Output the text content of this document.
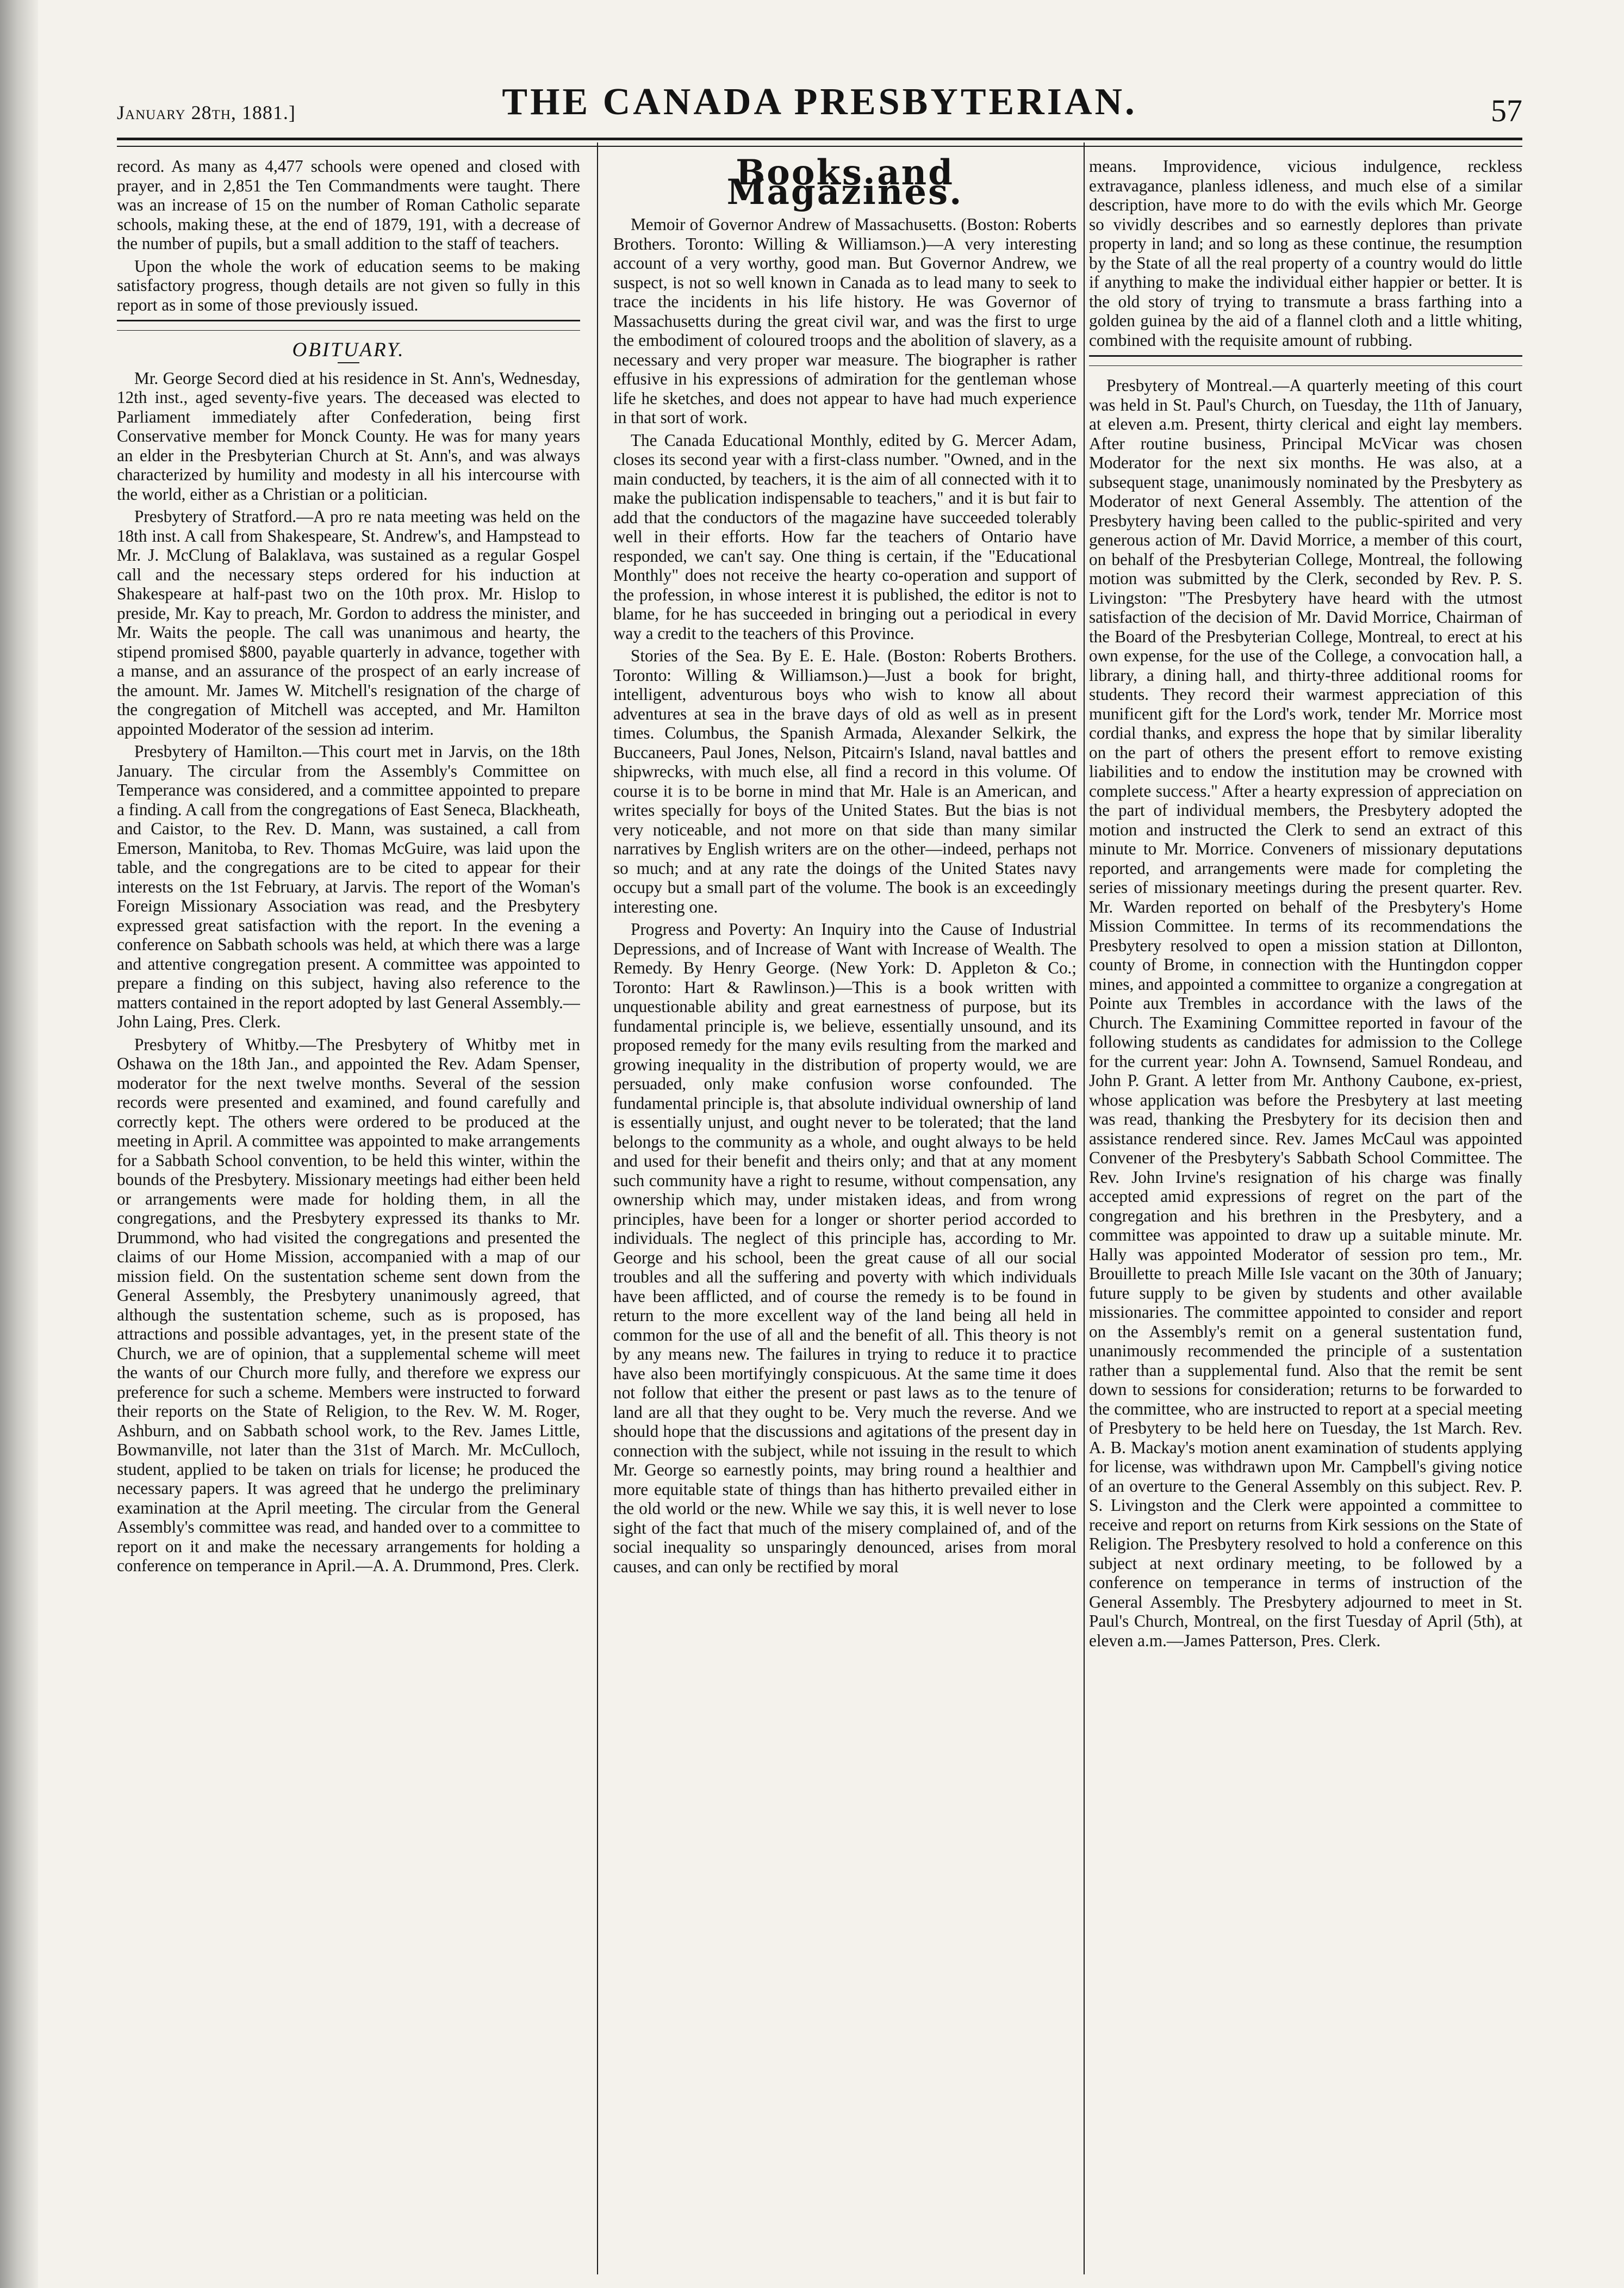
January 28th, 1881.]	THE CANADA PRESBYTERIAN.	57

record. As many as 4,477 schools were opened and closed with prayer, and in 2,851 the Ten Commandments were taught. There was an increase of 15 on the number of Roman Catholic separate schools, making these, at the end of 1879, 191, with a decrease of the number of pupils, but a small addition to the staff of teachers.

Upon the whole the work of education seems to be making satisfactory progress, though details are not given so fully in this report as in some of those previously issued.

OBITUARY.

Mr. George Secord died at his residence in St. Ann's, Wednesday, 12th inst., aged seventy-five years. The deceased was elected to Parliament immediately after Confederation, being first Conservative member for Monck County. He was for many years an elder in the Presbyterian Church at St. Ann's, and was always characterized by humility and modesty in all his intercourse with the world, either as a Christian or a politician.

Presbytery of Stratford.—A pro re nata meeting was held on the 18th inst. A call from Shakespeare, St. Andrew's, and Hampstead to Mr. J. McClung of Balaklava, was sustained as a regular Gospel call and the necessary steps ordered for his induction at Shakespeare at half-past two on the 10th prox. Mr. Hislop to preside, Mr. Kay to preach, Mr. Gordon to address the minister, and Mr. Waits the people. The call was unanimous and hearty, the stipend promised $800, payable quarterly in advance, together with a manse, and an assurance of the prospect of an early increase of the amount. Mr. James W. Mitchell's resignation of the charge of the congregation of Mitchell was accepted, and Mr. Hamilton appointed Moderator of the session ad interim.

Presbytery of Hamilton.—This court met in Jarvis, on the 18th January. The circular from the Assembly's Committee on Temperance was considered, and a committee appointed to prepare a finding. A call from the congregations of East Seneca, Blackheath, and Caistor, to the Rev. D. Mann, was sustained, a call from Emerson, Manitoba, to Rev. Thomas McGuire, was laid upon the table, and the congregations are to be cited to appear for their interests on the 1st February, at Jarvis. The report of the Woman's Foreign Missionary Association was read, and the Presbytery expressed great satisfaction with the report. In the evening a conference on Sabbath schools was held, at which there was a large and attentive congregation present. A committee was appointed to prepare a finding on this subject, having also reference to the matters contained in the report adopted by last General Assembly.—John Laing, Pres. Clerk.

Presbytery of Whitby.—The Presbytery of Whitby met in Oshawa on the 18th Jan., and appointed the Rev. Adam Spenser, moderator for the next twelve months. Several of the session records were presented and examined, and found carefully and correctly kept. The others were ordered to be produced at the meeting in April. A committee was appointed to make arrangements for a Sabbath School convention, to be held this winter, within the bounds of the Presbytery. Missionary meetings had either been held or arrangements were made for holding them, in all the congregations, and the Presbytery expressed its thanks to Mr. Drummond, who had visited the congregations and presented the claims of our Home Mission, accompanied with a map of our mission field. On the sustentation scheme sent down from the General Assembly, the Presbytery unanimously agreed, that although the sustentation scheme, such as is proposed, has attractions and possible advantages, yet, in the present state of the Church, we are of opinion, that a supplemental scheme will meet the wants of our Church more fully, and therefore we express our preference for such a scheme. Members were instructed to forward their reports on the State of Religion, to the Rev. W. M. Roger, Ashburn, and on Sabbath school work, to the Rev. James Little, Bowmanville, not later than the 31st of March. Mr. McCulloch, student, applied to be taken on trials for license; he produced the necessary papers. It was agreed that he undergo the preliminary examination at the April meeting. The circular from the General Assembly's committee was read, and handed over to a committee to report on it and make the necessary arrangements for holding a conference on temperance in April.—A. A. Drummond, Pres. Clerk.

Books and Magazines.

Memoir of Governor Andrew of Massachusetts. (Boston: Roberts Brothers. Toronto: Willing & Williamson.)—A very interesting account of a very worthy, good man. But Governor Andrew, we suspect, is not so well known in Canada as to lead many to seek to trace the incidents in his life history. He was Governor of Massachusetts during the great civil war, and was the first to urge the embodiment of coloured troops and the abolition of slavery, as a necessary and very proper war measure. The biographer is rather effusive in his expressions of admiration for the gentleman whose life he sketches, and does not appear to have had much experience in that sort of work.

The Canada Educational Monthly, edited by G. Mercer Adam, closes its second year with a first-class number. "Owned, and in the main conducted, by teachers, it is the aim of all connected with it to make the publication indispensable to teachers," and it is but fair to add that the conductors of the magazine have succeeded tolerably well in their efforts. How far the teachers of Ontario have responded, we can't say. One thing is certain, if the "Educational Monthly" does not receive the hearty co-operation and support of the profession, in whose interest it is published, the editor is not to blame, for he has succeeded in bringing out a periodical in every way a credit to the teachers of this Province.

Stories of the Sea. By E. E. Hale. (Boston: Roberts Brothers. Toronto: Willing & Williamson.)—Just a book for bright, intelligent, adventurous boys who wish to know all about adventures at sea in the brave days of old as well as in present times. Columbus, the Spanish Armada, Alexander Selkirk, the Buccaneers, Paul Jones, Nelson, Pitcairn's Island, naval battles and shipwrecks, with much else, all find a record in this volume. Of course it is to be borne in mind that Mr. Hale is an American, and writes specially for boys of the United States. But the bias is not very noticeable, and not more on that side than many similar narratives by English writers are on the other—indeed, perhaps not so much; and at any rate the doings of the United States navy occupy but a small part of the volume. The book is an exceedingly interesting one.

Progress and Poverty: An Inquiry into the Cause of Industrial Depressions, and of Increase of Want with Increase of Wealth. The Remedy. By Henry George. (New York: D. Appleton & Co.; Toronto: Hart & Rawlinson.)—This is a book written with unquestionable ability and great earnestness of purpose, but its fundamental principle is, we believe, essentially unsound, and its proposed remedy for the many evils resulting from the marked and growing inequality in the distribution of property would, we are persuaded, only make confusion worse confounded. The fundamental principle is, that absolute individual ownership of land is essentially unjust, and ought never to be tolerated; that the land belongs to the community as a whole, and ought always to be held and used for their benefit and theirs only; and that at any moment such community have a right to resume, without compensation, any ownership which may, under mistaken ideas, and from wrong principles, have been for a longer or shorter period accorded to individuals. The neglect of this principle has, according to Mr. George and his school, been the great cause of all our social troubles and all the suffering and poverty with which individuals have been afflicted, and of course the remedy is to be found in return to the more excellent way of the land being all held in common for the use of all and the benefit of all. This theory is not by any means new. The failures in trying to reduce it to practice have also been mortifyingly conspicuous. At the same time it does not follow that either the present or past laws as to the tenure of land are all that they ought to be. Very much the reverse. And we should hope that the discussions and agitations of the present day in connection with the subject, while not issuing in the result to which Mr. George so earnestly points, may bring round a healthier and more equitable state of things than has hitherto prevailed either in the old world or the new. While we say this, it is well never to lose sight of the fact that much of the misery complained of, and of the social inequality so unsparingly denounced, arises from moral causes, and can only be rectified by moral

means. Improvidence, vicious indulgence, reckless extravagance, planless idleness, and much else of a similar description, have more to do with the evils which Mr. George so vividly describes and so earnestly deplores than private property in land; and so long as these continue, the resumption by the State of all the real property of a country would do little if anything to make the individual either happier or better. It is the old story of trying to transmute a brass farthing into a golden guinea by the aid of a flannel cloth and a little whiting, combined with the requisite amount of rubbing.

Presbytery of Montreal.—A quarterly meeting of this court was held in St. Paul's Church, on Tuesday, the 11th of January, at eleven a.m. Present, thirty clerical and eight lay members. After routine business, Principal McVicar was chosen Moderator for the next six months. He was also, at a subsequent stage, unanimously nominated by the Presbytery as Moderator of next General Assembly. The attention of the Presbytery having been called to the public-spirited and very generous action of Mr. David Morrice, a member of this court, on behalf of the Presbyterian College, Montreal, the following motion was submitted by the Clerk, seconded by Rev. P. S. Livingston: "The Presbytery have heard with the utmost satisfaction of the decision of Mr. David Morrice, Chairman of the Board of the Presbyterian College, Montreal, to erect at his own expense, for the use of the College, a convocation hall, a library, a dining hall, and thirty-three additional rooms for students. They record their warmest appreciation of this munificent gift for the Lord's work, tender Mr. Morrice most cordial thanks, and express the hope that by similar liberality on the part of others the present effort to remove existing liabilities and to endow the institution may be crowned with complete success." After a hearty expression of appreciation on the part of individual members, the Presbytery adopted the motion and instructed the Clerk to send an extract of this minute to Mr. Morrice. Conveners of missionary deputations reported, and arrangements were made for completing the series of missionary meetings during the present quarter. Rev. Mr. Warden reported on behalf of the Presbytery's Home Mission Committee. In terms of its recommendations the Presbytery resolved to open a mission station at Dillonton, county of Brome, in connection with the Huntingdon copper mines, and appointed a committee to organize a congregation at Pointe aux Trembles in accordance with the laws of the Church. The Examining Committee reported in favour of the following students as candidates for admission to the College for the current year: John A. Townsend, Samuel Rondeau, and John P. Grant. A letter from Mr. Anthony Caubone, ex-priest, whose application was before the Presbytery at last meeting was read, thanking the Presbytery for its decision then and assistance rendered since. Rev. James McCaul was appointed Convener of the Presbytery's Sabbath School Committee. The Rev. John Irvine's resignation of his charge was finally accepted amid expressions of regret on the part of the congregation and his brethren in the Presbytery, and a committee was appointed to draw up a suitable minute. Mr. Hally was appointed Moderator of session pro tem., Mr. Brouillette to preach Mille Isle vacant on the 30th of January; future supply to be given by students and other available missionaries. The committee appointed to consider and report on the Assembly's remit on a general sustentation fund, unanimously recommended the principle of a sustentation rather than a supplemental fund. Also that the remit be sent down to sessions for consideration; returns to be forwarded to the committee, who are instructed to report at a special meeting of Presbytery to be held here on Tuesday, the 1st March. Rev. A. B. Mackay's motion anent examination of students applying for license, was withdrawn upon Mr. Campbell's giving notice of an overture to the General Assembly on this subject. Rev. P. S. Livingston and the Clerk were appointed a committee to receive and report on returns from Kirk sessions on the State of Religion. The Presbytery resolved to hold a conference on this subject at next ordinary meeting, to be followed by a conference on temperance in terms of instruction of the General Assembly. The Presbytery adjourned to meet in St. Paul's Church, Montreal, on the first Tuesday of April (5th), at eleven a.m.—James Patterson, Pres. Clerk.
